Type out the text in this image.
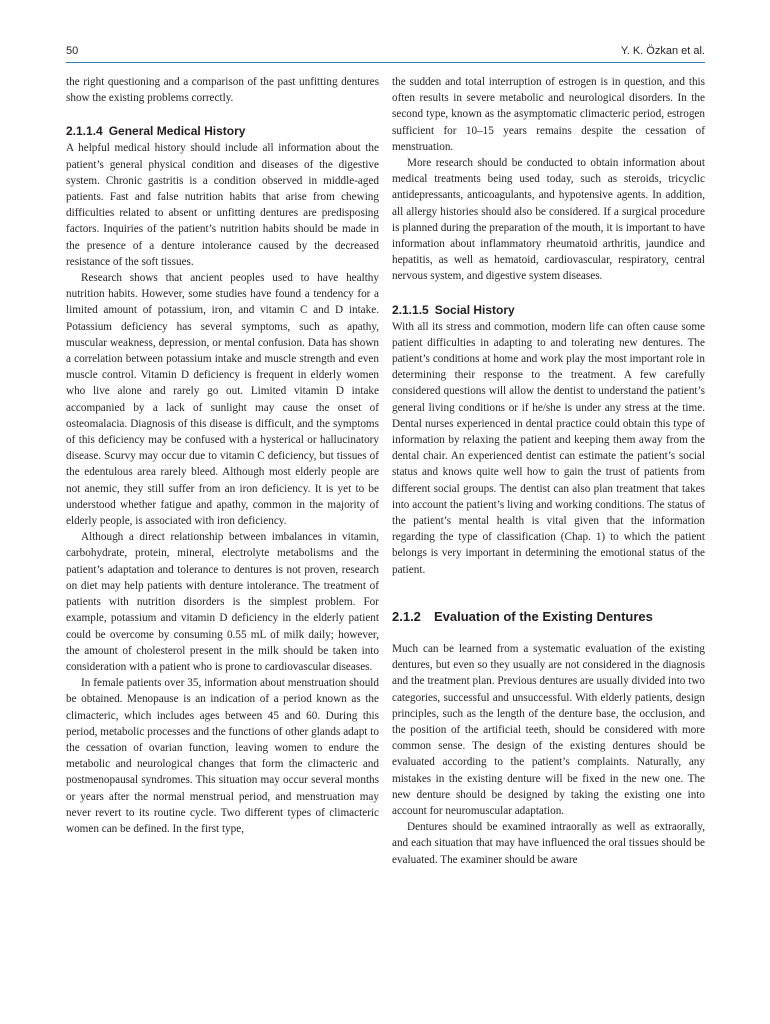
50	Y. K. Özkan et al.

the right questioning and a comparison of the past unfitting dentures show the existing problems correctly.

2.1.1.4 General Medical History

A helpful medical history should include all information about the patient’s general physical condition and diseases of the digestive system. Chronic gastritis is a condition observed in middle-aged patients. Fast and false nutrition habits that arise from chewing difficulties related to absent or unfitting dentures are predisposing factors. Inquiries of the patient’s nutrition habits should be made in the presence of a denture intolerance caused by the decreased resistance of the soft tissues.

Research shows that ancient peoples used to have healthy nutrition habits. However, some studies have found a tendency for a limited amount of potassium, iron, and vitamin C and D intake. Potassium deficiency has several symptoms, such as apathy, muscular weakness, depression, or mental confusion. Data has shown a correlation between potassium intake and muscle strength and even muscle control. Vitamin D deficiency is frequent in elderly women who live alone and rarely go out. Limited vitamin D intake accompanied by a lack of sunlight may cause the onset of osteomalacia. Diagnosis of this disease is difficult, and the symptoms of this deficiency may be confused with a hysterical or hallucinatory disease. Scurvy may occur due to vitamin C deficiency, but tissues of the edentulous area rarely bleed. Although most elderly people are not anemic, they still suffer from an iron deficiency. It is yet to be understood whether fatigue and apathy, common in the majority of elderly people, is associated with iron deficiency.

Although a direct relationship between imbalances in vitamin, carbohydrate, protein, mineral, electrolyte metabolisms and the patient’s adaptation and tolerance to dentures is not proven, research on diet may help patients with denture intolerance. The treatment of patients with nutrition disorders is the simplest problem. For example, potassium and vitamin D deficiency in the elderly patient could be overcome by consuming 0.55 mL of milk daily; however, the amount of cholesterol present in the milk should be taken into consideration with a patient who is prone to cardiovascular diseases.

In female patients over 35, information about menstruation should be obtained. Menopause is an indication of a period known as the climacteric, which includes ages between 45 and 60. During this period, metabolic processes and the functions of other glands adapt to the cessation of ovarian function, leaving women to endure the metabolic and neurological changes that form the climacteric and postmenopausal syndromes. This situation may occur several months or years after the normal menstrual period, and menstruation may never revert to its routine cycle. Two different types of climacteric women can be defined. In the first type,

the sudden and total interruption of estrogen is in question, and this often results in severe metabolic and neurological disorders. In the second type, known as the asymptomatic climacteric period, estrogen sufficient for 10–15 years remains despite the cessation of menstruation.

More research should be conducted to obtain information about medical treatments being used today, such as steroids, tricyclic antidepressants, anticoagulants, and hypotensive agents. In addition, all allergy histories should also be considered. If a surgical procedure is planned during the preparation of the mouth, it is important to have information about inflammatory rheumatoid arthritis, jaundice and hepatitis, as well as hematoid, cardiovascular, respiratory, central nervous system, and digestive system diseases.

2.1.1.5 Social History

With all its stress and commotion, modern life can often cause some patient difficulties in adapting to and tolerating new dentures. The patient’s conditions at home and work play the most important role in determining their response to the treatment. A few carefully considered questions will allow the dentist to understand the patient’s general living conditions or if he/she is under any stress at the time. Dental nurses experienced in dental practice could obtain this type of information by relaxing the patient and keeping them away from the dental chair. An experienced dentist can estimate the patient’s social status and knows quite well how to gain the trust of patients from different social groups. The dentist can also plan treatment that takes into account the patient’s living and working conditions. The status of the patient’s mental health is vital given that the information regarding the type of classification (Chap. 1) to which the patient belongs is very important in determining the emotional status of the patient.

2.1.2 Evaluation of the Existing Dentures

Much can be learned from a systematic evaluation of the existing dentures, but even so they usually are not considered in the diagnosis and the treatment plan. Previous dentures are usually divided into two categories, successful and unsuccessful. With elderly patients, design principles, such as the length of the denture base, the occlusion, and the position of the artificial teeth, should be considered with more common sense. The design of the existing dentures should be evaluated according to the patient’s complaints. Naturally, any mistakes in the existing denture will be fixed in the new one. The new denture should be designed by taking the existing one into account for neuromuscular adaptation.

Dentures should be examined intraorally as well as extraorally, and each situation that may have influenced the oral tissues should be evaluated. The examiner should be aware
